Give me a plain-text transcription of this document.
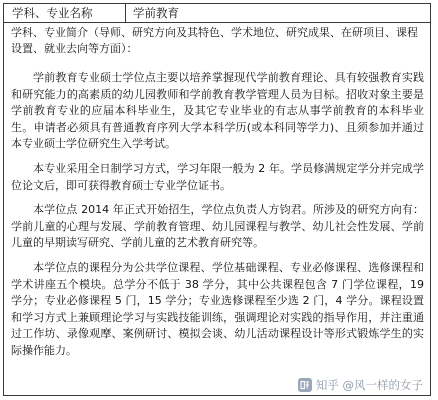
学科、专业名称	学前教育

学科、专业简介（导师、研究方向及其特色、学术地位、研究成果、在研项目、课程设置、就业去向等方面）：

学前教育专业硕士学位点主要以培养掌握现代学前教育理论、具有较强教育实践和研究能力的高素质的幼儿园教师和学前教育教学管理人员为目标。招收对象主要是学前教育专业的应届本科毕业生，及其它专业毕业的有志从事学前教育的本科毕业生。申请者必须具有普通教育序列大学本科学历(或本科同等学力)、且须参加并通过本专业硕士学位研究生入学考试。

本专业采用全日制学习方式，学习年限一般为 2 年。学员修满规定学分并完成学位论文后，即可获得教育硕士专业学位证书。

本学位点 2014 年正式开始招生，学位点负责人方钧君。所涉及的研究方向有：学前儿童的心理与发展、学前教育管理、幼儿园课程与教学、幼儿社会性发展、学前儿童的早期读写研究、学前儿童的艺术教育研究等。

本学位点的课程分为公共学位课程、学位基础课程、专业必修课程、选修课程和学术讲座五个模块。总学分不低于 38 学分，其中公共课程包含 7 门学位课程，19 学分；专业必修课程 5 门，15 学分；专业选修课程至少选 2 门，4 学分。课程设置和学习方式上兼顾理论学习与实践技能训练，强调理论对实践的指导作用，并注重通过工作坊、录像观摩、案例研讨、模拟会谈、幼儿活动课程设计等形式锻炼学生的实际操作能力。

知乎 @风一样的女子
